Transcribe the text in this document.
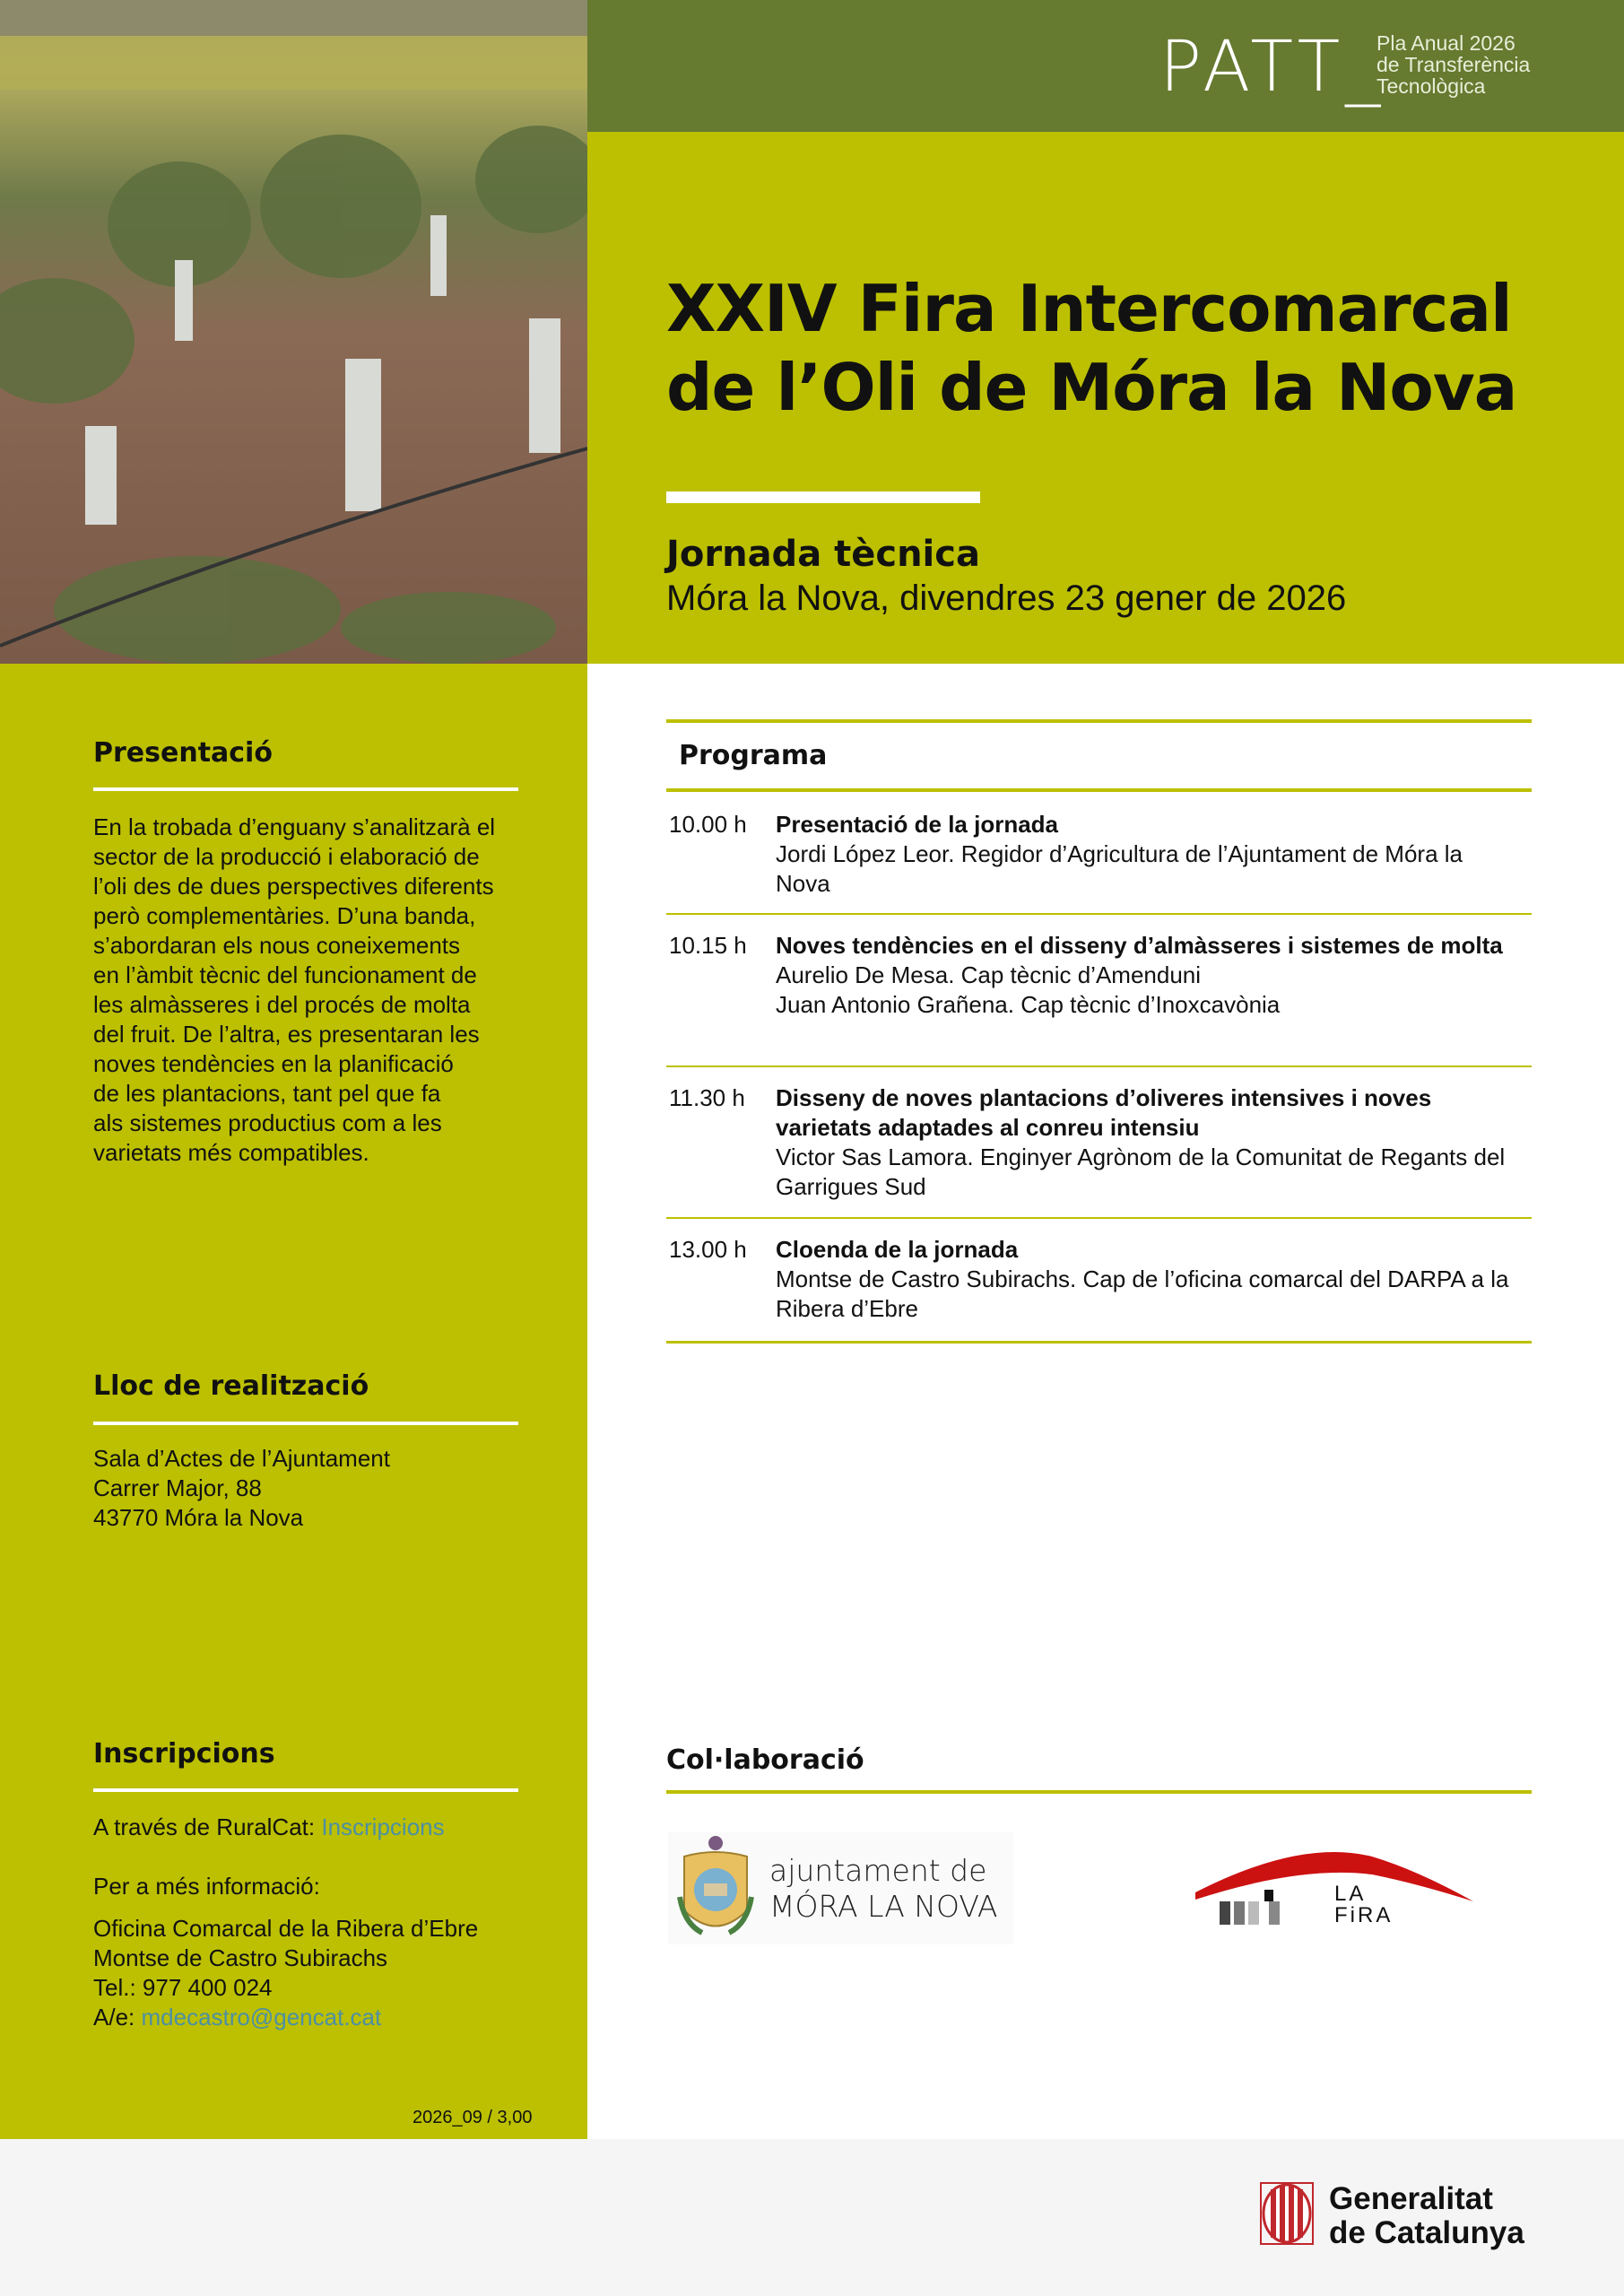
PATT_
Pla Anual 2026
de Transferència
Tecnològica
XXIV Fira Intercomarcal
de l’Oli de Móra la Nova
Jornada tècnica
Móra la Nova, divendres 23 gener de 2026
Presentació
En la trobada d’enguany s’analitzarà el
sector de la producció i elaboració de
l’oli des de dues perspectives diferents
però complementàries. D’una banda,
s’abordaran els nous coneixements
en l’àmbit tècnic del funcionament de
les almàsseres i del procés de molta
del fruit. De l’altra, es presentaran les
noves tendències en la planificació
de les plantacions, tant pel que fa
als sistemes productius com a les
varietats més compatibles.
Lloc de realització
Sala d’Actes de l’Ajuntament
Carrer Major, 88
43770 Móra la Nova
Inscripcions
A través de RuralCat: Inscripcions
Per a més informació:
Oficina Comarcal de la Ribera d’Ebre
Montse de Castro Subirachs
Tel.: 977 400 024
A/e: mdecastro@gencat.cat
2026_09 / 3,00
Programa
10.00 h	Presentació de la jornada
Jordi López Leor. Regidor d’Agricultura de l’Ajuntament de Móra la Nova
10.15 h	Noves tendències en el disseny d’almàsseres i sistemes de molta
Aurelio De Mesa. Cap tècnic d’Amenduni
Juan Antonio Grañena. Cap tècnic d’Inoxcavònia
11.30 h	Disseny de noves plantacions d’oliveres intensives i noves varietats adaptades al conreu intensiu
Victor Sas Lamora. Enginyer Agrònom de la Comunitat de Regants del Garrigues Sud
13.00 h	Cloenda de la jornada
Montse de Castro Subirachs. Cap de l’oficina comarcal del DARPA a la Ribera d’Ebre
Col·laboració
ajuntament de
MÓRA LA NOVA	LA
FiRA
Generalitat
de Catalunya
